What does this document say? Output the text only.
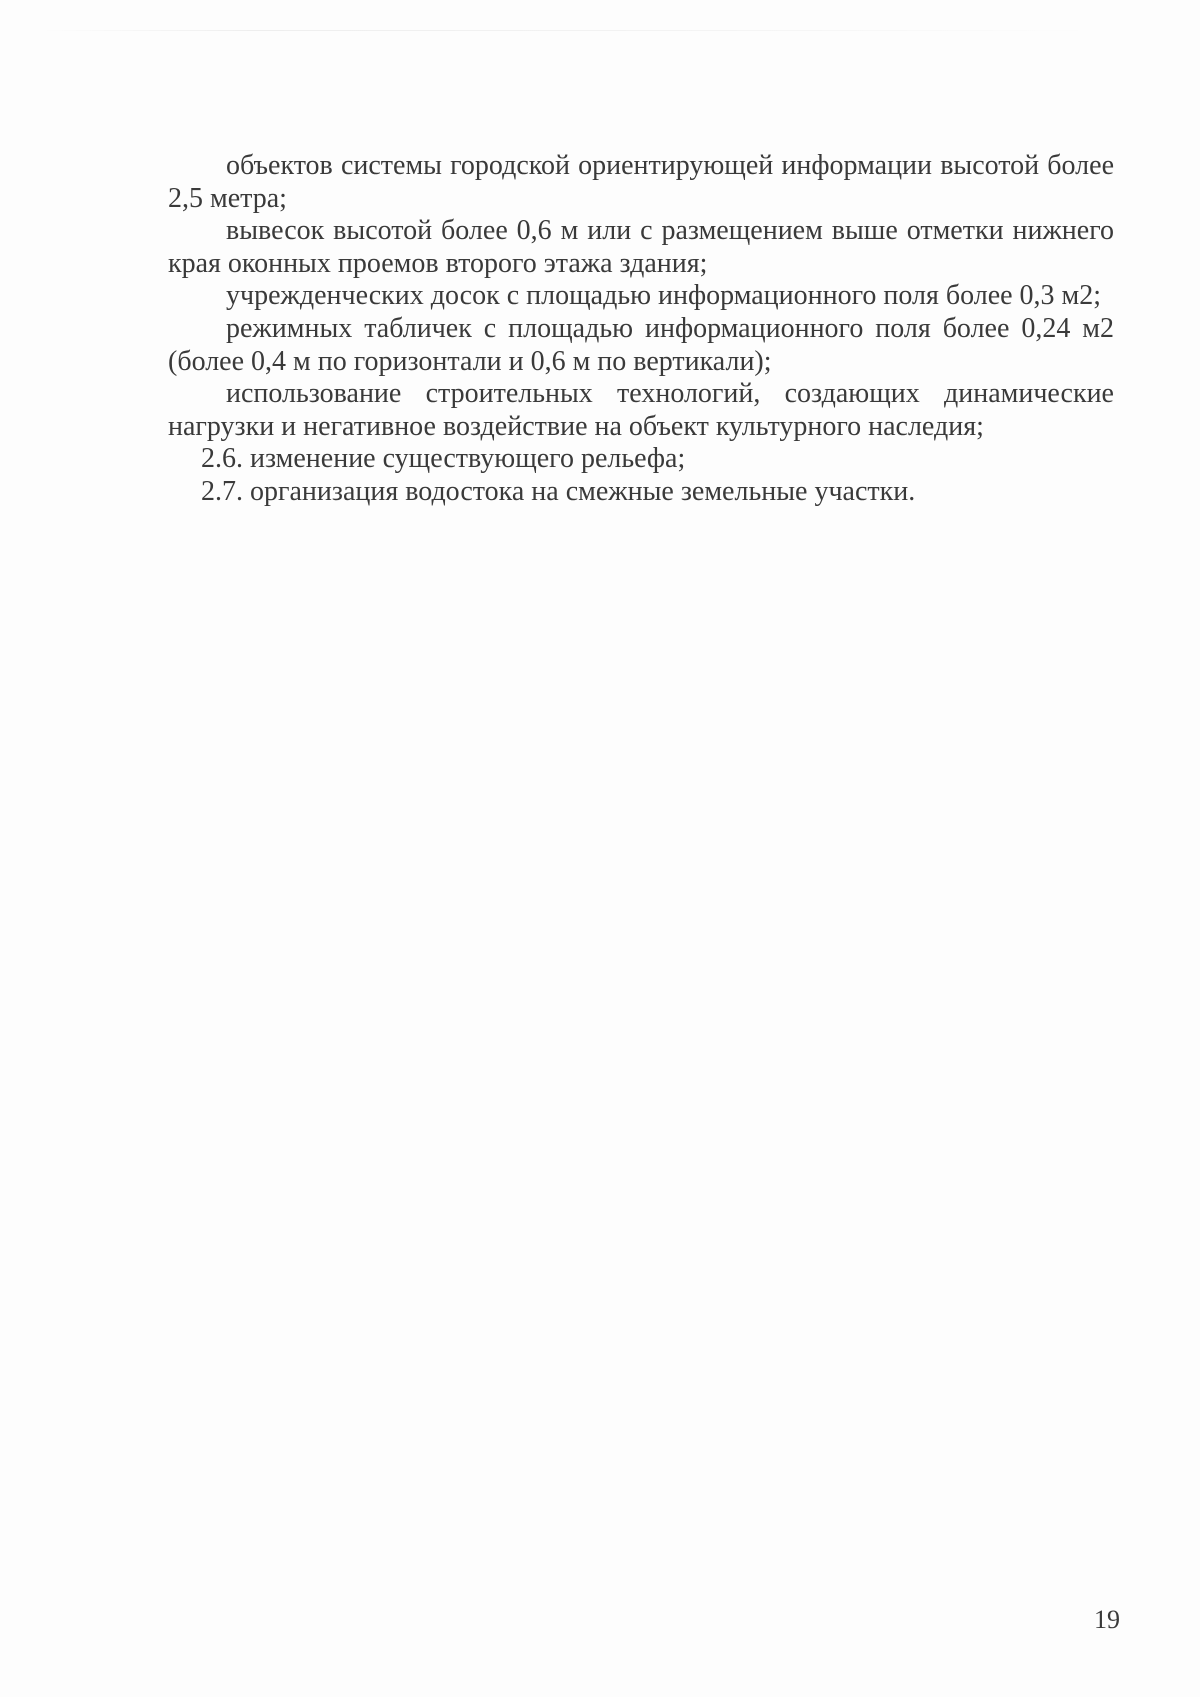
объектов системы городской ориентирующей информации высотой более 2,5 метра;

вывесок высотой более 0,6 м или с размещением выше отметки нижнего края оконных проемов второго этажа здания;

учрежденческих досок с площадью информационного поля более 0,3 м2;

режимных табличек с площадью информационного поля более 0,24 м2 (более 0,4 м по горизонтали и 0,6 м по вертикали);

использование строительных технологий, создающих динамические нагрузки и негативное воздействие на объект культурного наследия;

2.6. изменение существующего рельефа;

2.7. организация водостока на смежные земельные участки.

19
